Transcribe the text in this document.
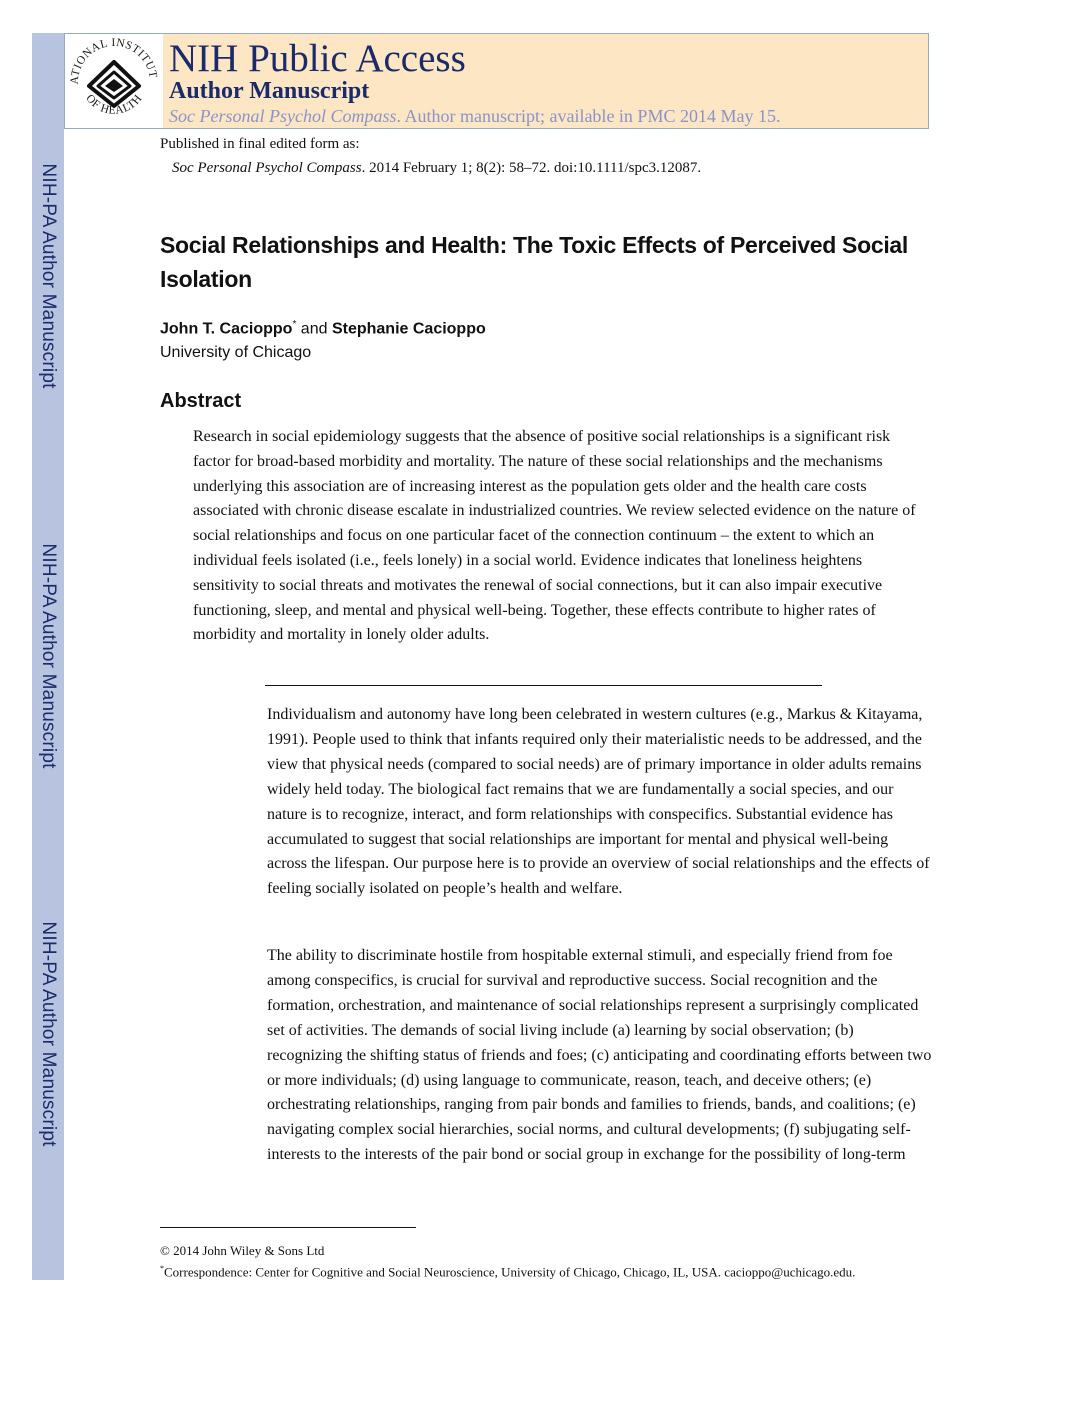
NIH-PA Author Manuscript
NIH-PA Author Manuscript
NIH-PA Author Manuscript
ATIONAL INSTITUT
OF HEALTH
NIH Public Access
Author Manuscript
Soc Personal Psychol Compass. Author manuscript; available in PMC 2014 May 15.
Published in final edited form as:
Soc Personal Psychol Compass. 2014 February 1; 8(2): 58–72. doi:10.1111/spc3.12087.
Social Relationships and Health: The Toxic Effects of Perceived Social Isolation
John T. Cacioppo* and Stephanie Cacioppo
University of Chicago
Abstract
Research in social epidemiology suggests that the absence of positive social relationships is a significant risk factor for broad-based morbidity and mortality. The nature of these social relationships and the mechanisms underlying this association are of increasing interest as the population gets older and the health care costs associated with chronic disease escalate in industrialized countries. We review selected evidence on the nature of social relationships and focus on one particular facet of the connection continuum – the extent to which an individual feels isolated (i.e., feels lonely) in a social world. Evidence indicates that loneliness heightens sensitivity to social threats and motivates the renewal of social connections, but it can also impair executive functioning, sleep, and mental and physical well-being. Together, these effects contribute to higher rates of morbidity and mortality in lonely older adults.
Individualism and autonomy have long been celebrated in western cultures (e.g., Markus & Kitayama, 1991). People used to think that infants required only their materialistic needs to be addressed, and the view that physical needs (compared to social needs) are of primary importance in older adults remains widely held today. The biological fact remains that we are fundamentally a social species, and our nature is to recognize, interact, and form relationships with conspecifics. Substantial evidence has accumulated to suggest that social relationships are important for mental and physical well-being across the lifespan. Our purpose here is to provide an overview of social relationships and the effects of feeling socially isolated on people’s health and welfare.
The ability to discriminate hostile from hospitable external stimuli, and especially friend from foe among conspecifics, is crucial for survival and reproductive success. Social recognition and the formation, orchestration, and maintenance of social relationships represent a surprisingly complicated set of activities. The demands of social living include (a) learning by social observation; (b) recognizing the shifting status of friends and foes; (c) anticipating and coordinating efforts between two or more individuals; (d) using language to communicate, reason, teach, and deceive others; (e) orchestrating relationships, ranging from pair bonds and families to friends, bands, and coalitions; (e) navigating complex social hierarchies, social norms, and cultural developments; (f) subjugating self-interests to the interests of the pair bond or social group in exchange for the possibility of long-term
© 2014 John Wiley & Sons Ltd
*Correspondence: Center for Cognitive and Social Neuroscience, University of Chicago, Chicago, IL, USA. cacioppo@uchicago.edu.
